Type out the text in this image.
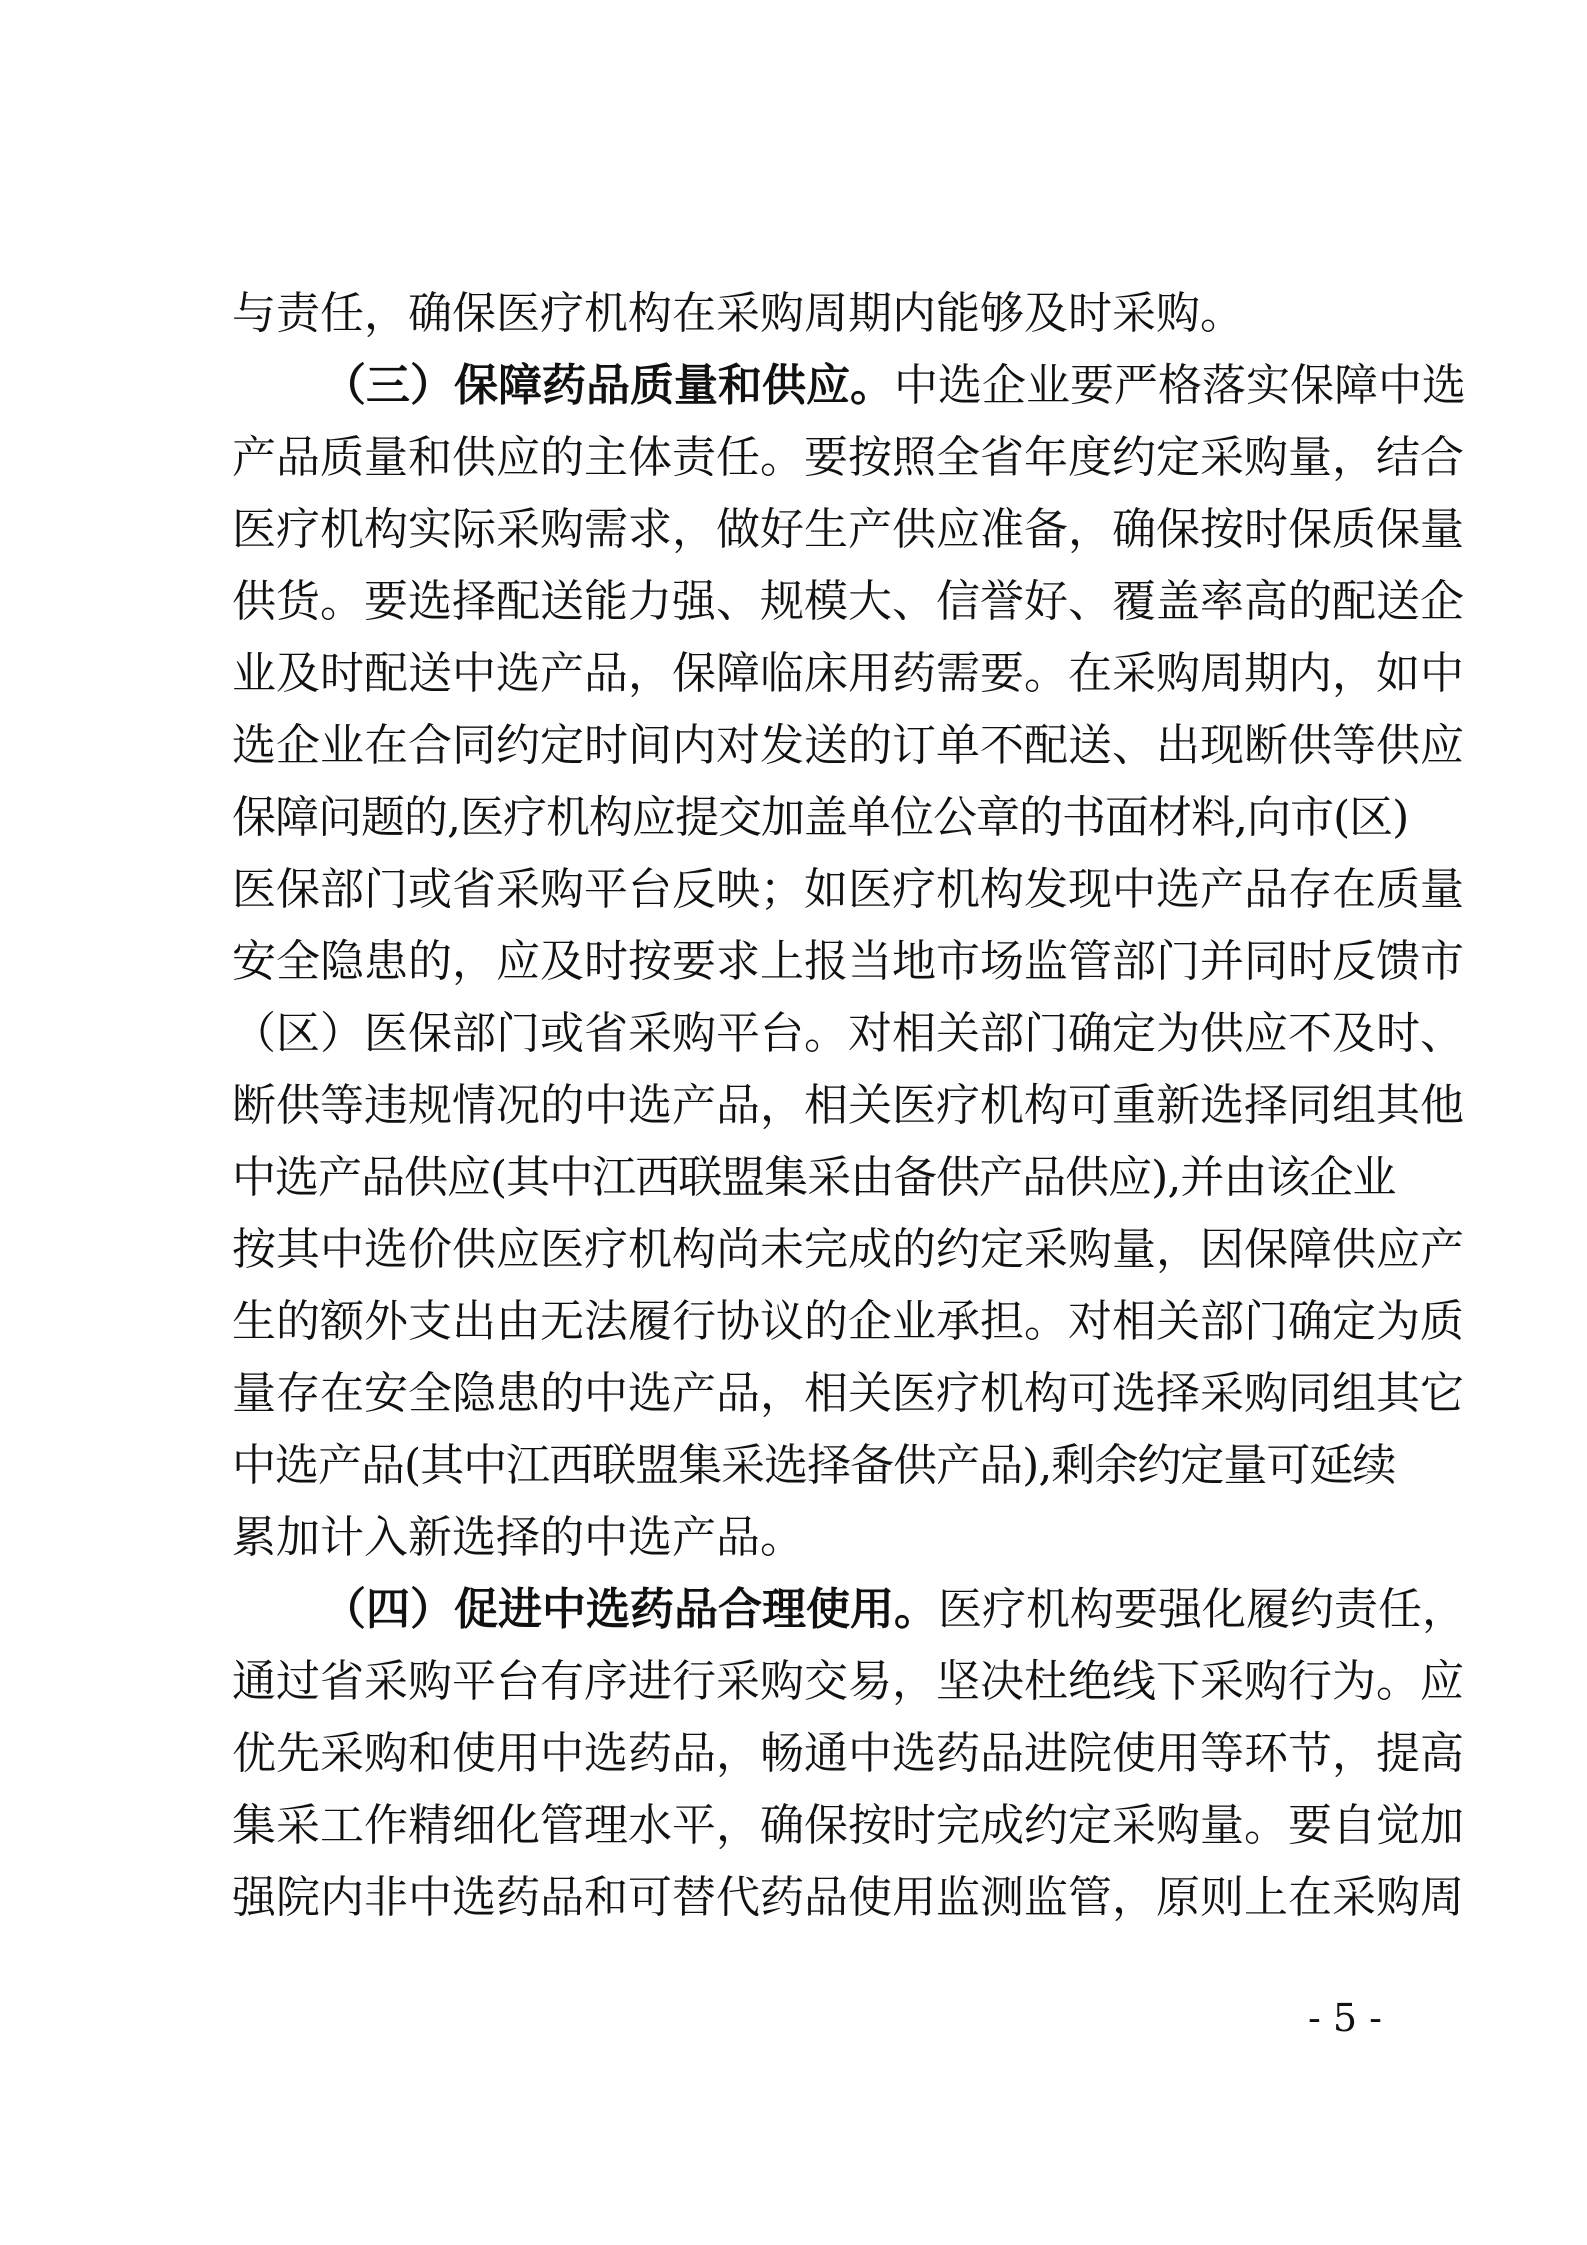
与责任，确保医疗机构在采购周期内能够及时采购。
（三）保障药品质量和供应。中选企业要严格落实保障中选
产品质量和供应的主体责任。要按照全省年度约定采购量，结合
医疗机构实际采购需求，做好生产供应准备，确保按时保质保量
供货。要选择配送能力强、规模大、信誉好、覆盖率高的配送企
业及时配送中选产品，保障临床用药需要。在采购周期内，如中
选企业在合同约定时间内对发送的订单不配送、出现断供等供应
保障问题的,医疗机构应提交加盖单位公章的书面材料,向市(区)
医保部门或省采购平台反映；如医疗机构发现中选产品存在质量
安全隐患的，应及时按要求上报当地市场监管部门并同时反馈市
（区）医保部门或省采购平台。对相关部门确定为供应不及时、
断供等违规情况的中选产品，相关医疗机构可重新选择同组其他
中选产品供应(其中江西联盟集采由备供产品供应),并由该企业
按其中选价供应医疗机构尚未完成的约定采购量，因保障供应产
生的额外支出由无法履行协议的企业承担。对相关部门确定为质
量存在安全隐患的中选产品，相关医疗机构可选择采购同组其它
中选产品(其中江西联盟集采选择备供产品),剩余约定量可延续
累加计入新选择的中选产品。
（四）促进中选药品合理使用。医疗机构要强化履约责任，
通过省采购平台有序进行采购交易，坚决杜绝线下采购行为。应
优先采购和使用中选药品，畅通中选药品进院使用等环节，提高
集采工作精细化管理水平，确保按时完成约定采购量。要自觉加
强院内非中选药品和可替代药品使用监测监管，原则上在采购周
- 5 -
